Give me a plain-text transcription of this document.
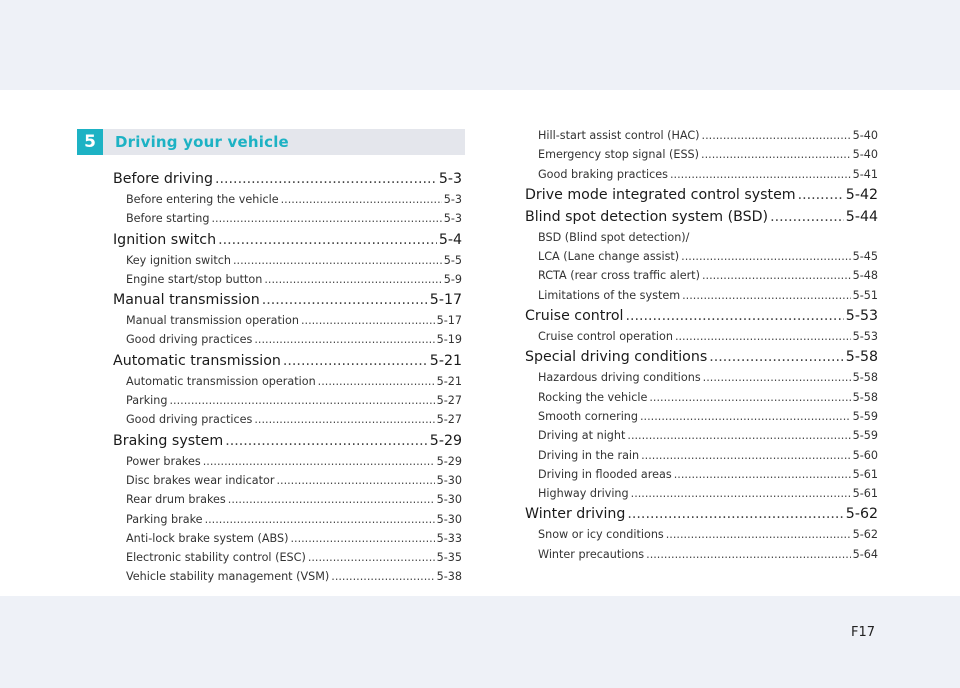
5	Driving your vehicle
Before driving .....	5-3
Before entering the vehicle .....	5-3
Before starting .....	5-3
Ignition switch .....	5-4
Key ignition switch .....	5-5
Engine start/stop button .....	5-9
Manual transmission .....	5-17
Manual transmission operation .....	5-17
Good driving practices .....	5-19
Automatic transmission .....	5-21
Automatic transmission operation .....	5-21
Parking .....	5-27
Good driving practices .....	5-27
Braking system .....	5-29
Power brakes .....	5-29
Disc brakes wear indicator .....	5-30
Rear drum brakes .....	5-30
Parking brake .....	5-30
Anti-lock brake system (ABS) .....	5-33
Electronic stability control (ESC) .....	5-35
Vehicle stability management (VSM) .....	5-38
Hill-start assist control (HAC) .....	5-40
Emergency stop signal (ESS) .....	5-40
Good braking practices .....	5-41
Drive mode integrated control system .....	5-42
Blind spot detection system (BSD) .....	5-44
BSD (Blind spot detection)/
LCA (Lane change assist) .....	5-45
RCTA (rear cross traffic alert) .....	5-48
Limitations of the system .....	5-51
Cruise control .....	5-53
Cruise control operation .....	5-53
Special driving conditions .....	5-58
Hazardous driving conditions .....	5-58
Rocking the vehicle .....	5-58
Smooth cornering .....	5-59
Driving at night .....	5-59
Driving in the rain .....	5-60
Driving in flooded areas .....	5-61
Highway driving .....	5-61
Winter driving .....	5-62
Snow or icy conditions .....	5-62
Winter precautions .....	5-64
F17
